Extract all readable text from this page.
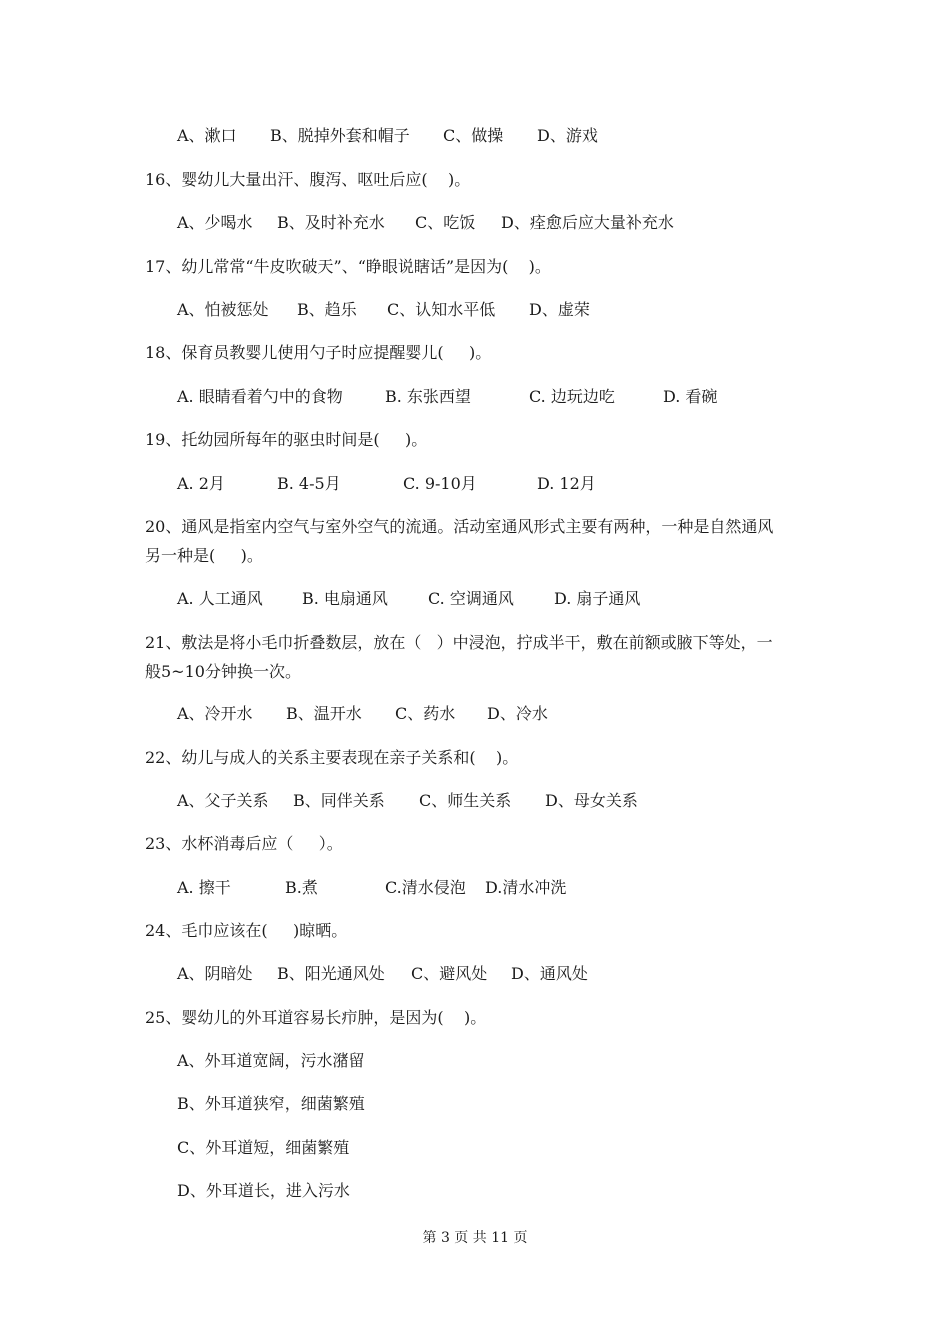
A、漱口

B、脱掉外套和帽子

C、做操

D、游戏

16、婴幼儿大量出汗、腹泻、呕吐后应(    )。

A、少喝水

B、及时补充水

C、吃饭

D、痊愈后应大量补充水

17、幼儿常常“牛皮吹破天”、“睁眼说瞎话”是因为(    )。

A、怕被惩处

B、趋乐

C、认知水平低

D、虚荣

18、保育员教婴儿使用勺子时应提醒婴儿(     )。

A. 眼睛看着勺中的食物

	B. 东张西望

	C. 边玩边吃

	D. 看碗

19、托幼园所每年的驱虫时间是(     )。

A. 2月

	B. 4-5月

	C. 9-10月

	D. 12月

20、通风是指室内空气与室外空气的流通。活动室通风形式主要有两种，一种是自然通风
另一种是(     )。

A. 人工通风

B. 电扇通风

	C. 空调通风

	D. 扇子通风

21、敷法是将小毛巾折叠数层，放在（   ）中浸泡，拧成半干，敷在前额或腋下等处，一
般5~10分钟换一次。

A、冷开水

B、温开水

C、药水

D、冷水

22、幼儿与成人的关系主要表现在亲子关系和(    )。

A、父子关系

B、同伴关系

C、师生关系

D、母女关系

23、水杯消毒后应（     ）。

A. 擦干

	B.煮

	C.清水侵泡

D.清水冲洗

24、毛巾应该在(     )晾晒。

A、阴暗处

B、阳光通风处

C、避风处

D、通风处

25、婴幼儿的外耳道容易长疖肿，是因为(    )。
A、外耳道宽阔，污水潴留
B、外耳道狭窄，细菌繁殖
C、外耳道短，细菌繁殖
D、外耳道长，进入污水
第 3 页 共 11 页
